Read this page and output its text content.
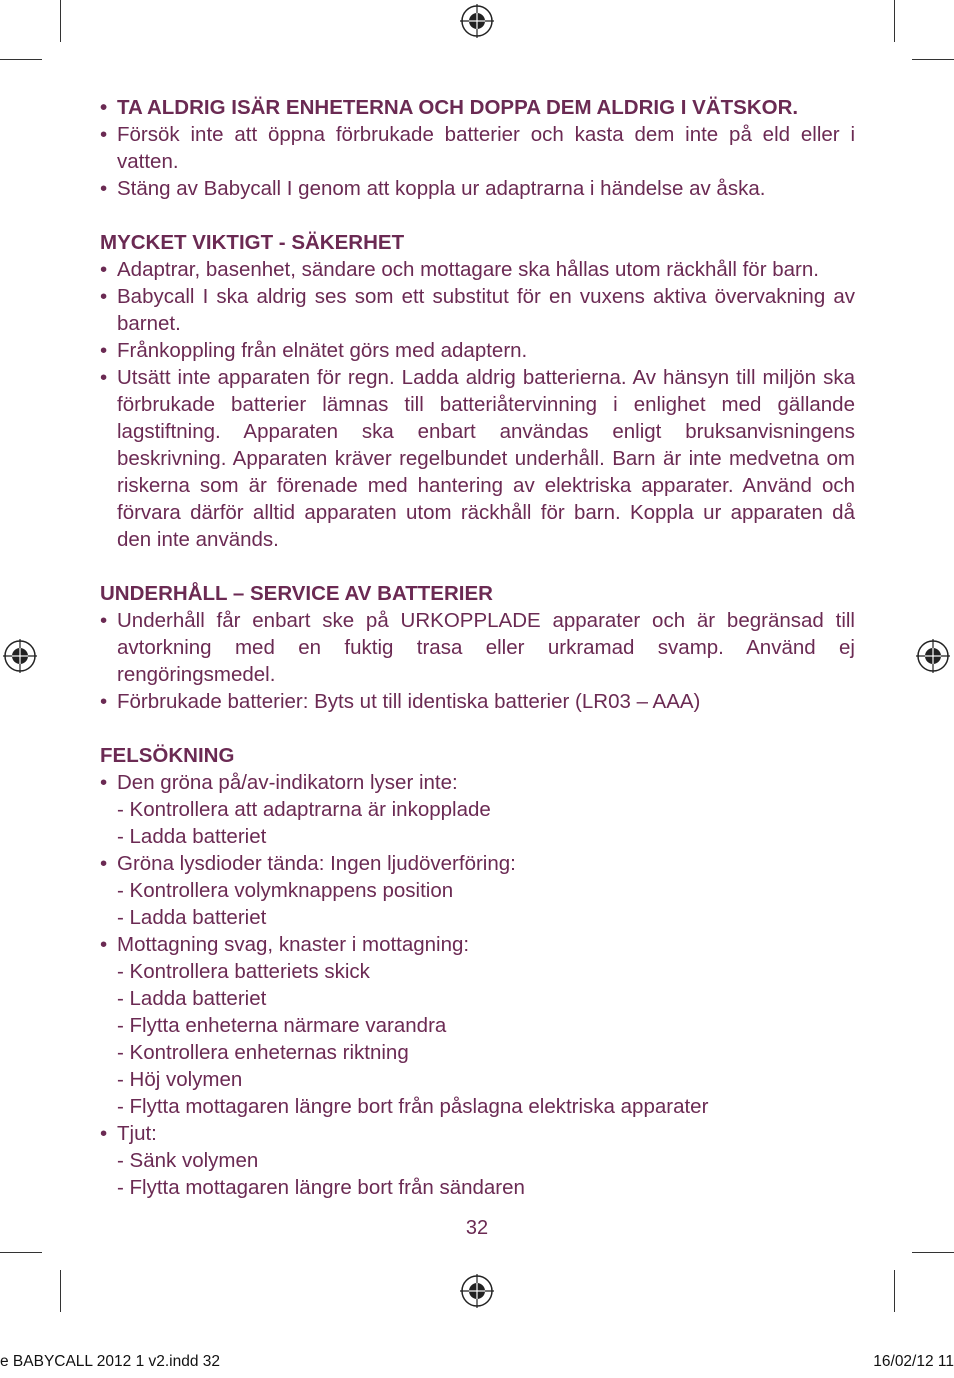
• TA ALDRIG ISÄR ENHETERNA OCH DOPPA DEM ALDRIG I VÄTSKOR.
• Försök inte att öppna förbrukade batterier och kasta dem inte på eld eller i vatten.
• Stäng av Babycall I genom att koppla ur adaptrarna i händelse av åska.
MYCKET VIKTIGT - SÄKERHET
• Adaptrar, basenhet, sändare och mottagare ska hållas utom räckhåll för barn.
• Babycall I ska aldrig ses som ett substitut för en vuxens aktiva övervakning av barnet.
• Frånkoppling från elnätet görs med adaptern.
• Utsätt inte apparaten för regn. Ladda aldrig batterierna. Av hänsyn till miljön ska förbrukade batterier lämnas till batteriåtervinning i enlighet med gällande lagstiftning. Apparaten ska enbart användas enligt bruksanvisningens beskrivning. Apparaten kräver regelbundet underhåll. Barn är inte medvetna om riskerna som är förenade med hantering av elektriska apparater. Använd och förvara därför alltid apparaten utom räckhåll för barn. Koppla ur apparaten då den inte används.
UNDERHÅLL – SERVICE AV BATTERIER
• Underhåll får enbart ske på URKOPPLADE apparater och är begränsad till avtorkning med en fuktig trasa eller urkramad svamp. Använd ej rengöringsmedel.
• Förbrukade batterier: Byts ut till identiska batterier (LR03 – AAA)
FELSÖKNING
• Den gröna på/av-indikatorn lyser inte:
- Kontrollera att adaptrarna är inkopplade
- Ladda batteriet
• Gröna lysdioder tända: Ingen ljudöverföring:
- Kontrollera volymknappens position
- Ladda batteriet
• Mottagning svag, knaster i mottagning:
- Kontrollera batteriets skick
- Ladda batteriet
- Flytta enheterna närmare varandra
- Kontrollera enheternas riktning
- Höj volymen
- Flytta mottagaren längre bort från påslagna elektriska apparater
• Tjut:
- Sänk volymen
- Flytta mottagaren längre bort från sändaren
32
e BABYCALL 2012 1 v2.indd 32	16/02/12 11
